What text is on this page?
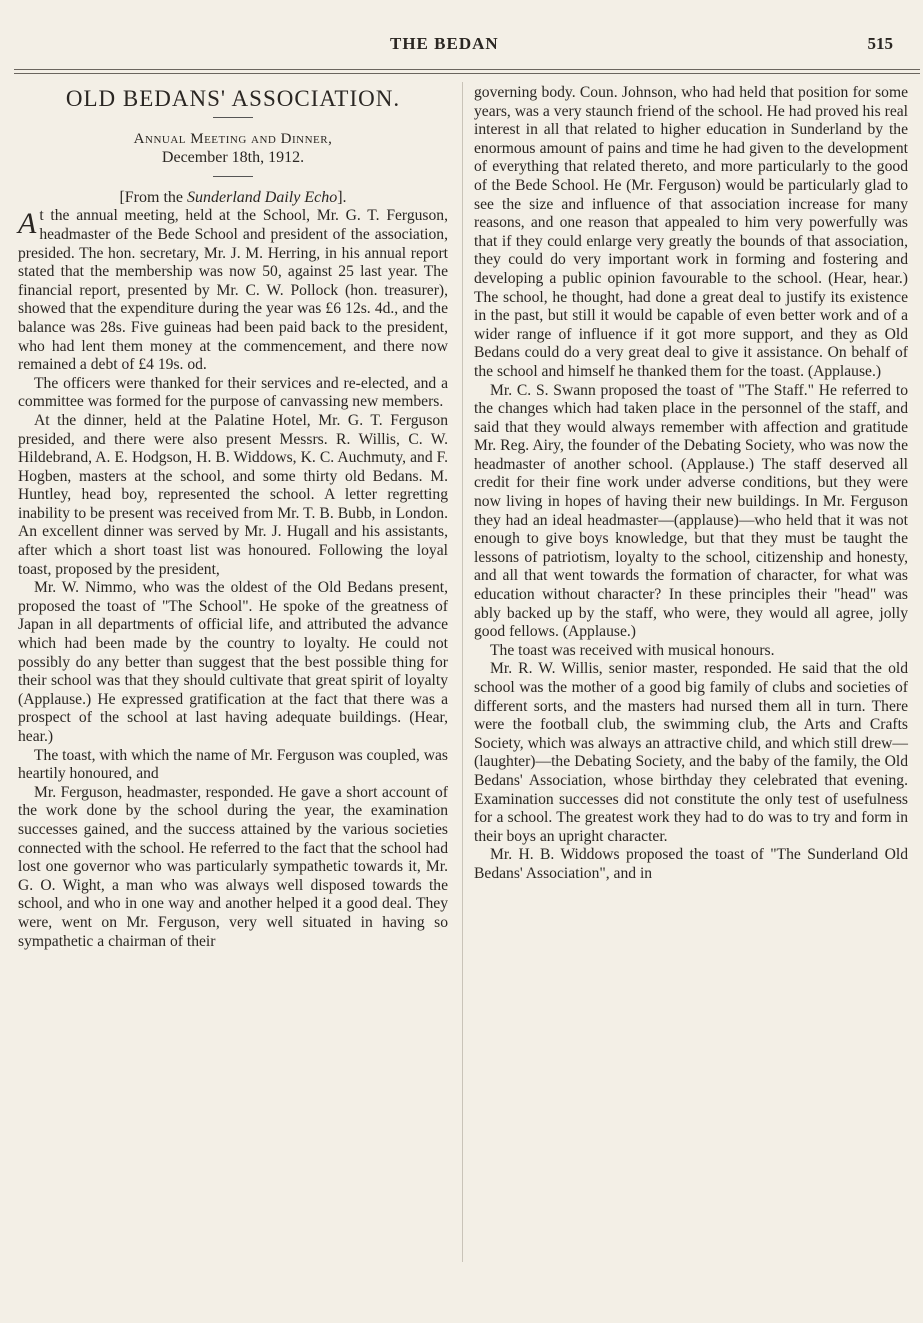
THE BEDAN	515
OLD BEDANS' ASSOCIATION.

Annual Meeting and Dinner,

December 18th, 1912.

[From the Sunderland Daily Echo].

At the annual meeting, held at the School, Mr. G. T. Ferguson, headmaster of the Bede School and president of the association, presided. The hon. secretary, Mr. J. M. Herring, in his annual report stated that the membership was now 50, against 25 last year. The financial report, presented by Mr. C. W. Pollock (hon. treasurer), showed that the expenditure during the year was £6 12s. 4d., and the balance was 28s. Five guineas had been paid back to the president, who had lent them money at the commencement, and there now remained a debt of £4 19s. od.

The officers were thanked for their services and re-elected, and a committee was formed for the purpose of canvassing new members.

At the dinner, held at the Palatine Hotel, Mr. G. T. Ferguson presided, and there were also present Messrs. R. Willis, C. W. Hildebrand, A. E. Hodgson, H. B. Widdows, K. C. Auchmuty, and F. Hogben, masters at the school, and some thirty old Bedans. M. Huntley, head boy, represented the school. A letter regretting inability to be present was received from Mr. T. B. Bubb, in London. An excellent dinner was served by Mr. J. Hugall and his assistants, after which a short toast list was honoured. Following the loyal toast, proposed by the president,

Mr. W. Nimmo, who was the oldest of the Old Bedans present, proposed the toast of "The School". He spoke of the greatness of Japan in all departments of official life, and attributed the advance which had been made by the country to loyalty. He could not possibly do any better than suggest that the best possible thing for their school was that they should cultivate that great spirit of loyalty (Applause.) He expressed gratification at the fact that there was a prospect of the school at last having adequate buildings. (Hear, hear.)

The toast, with which the name of Mr. Ferguson was coupled, was heartily honoured, and

Mr. Ferguson, headmaster, responded. He gave a short account of the work done by the school during the year, the examination successes gained, and the success attained by the various societies connected with the school. He referred to the fact that the school had lost one governor who was particularly sympathetic towards it, Mr. G. O. Wight, a man who was always well disposed towards the school, and who in one way and another helped it a good deal. They were, went on Mr. Ferguson, very well situated in having so sympathetic a chairman of their

governing body. Coun. Johnson, who had held that position for some years, was a very staunch friend of the school. He had proved his real interest in all that related to higher education in Sunderland by the enormous amount of pains and time he had given to the development of everything that related thereto, and more particularly to the good of the Bede School. He (Mr. Ferguson) would be particularly glad to see the size and influence of that association increase for many reasons, and one reason that appealed to him very powerfully was that if they could enlarge very greatly the bounds of that association, they could do very important work in forming and fostering and developing a public opinion favourable to the school. (Hear, hear.) The school, he thought, had done a great deal to justify its existence in the past, but still it would be capable of even better work and of a wider range of influence if it got more support, and they as Old Bedans could do a very great deal to give it assistance. On behalf of the school and himself he thanked them for the toast. (Applause.)

Mr. C. S. Swann proposed the toast of "The Staff." He referred to the changes which had taken place in the personnel of the staff, and said that they would always remember with affection and gratitude Mr. Reg. Airy, the founder of the Debating Society, who was now the headmaster of another school. (Applause.) The staff deserved all credit for their fine work under adverse conditions, but they were now living in hopes of having their new buildings. In Mr. Ferguson they had an ideal headmaster—(applause)—who held that it was not enough to give boys knowledge, but that they must be taught the lessons of patriotism, loyalty to the school, citizenship and honesty, and all that went towards the formation of character, for what was education without character? In these principles their "head" was ably backed up by the staff, who were, they would all agree, jolly good fellows. (Applause.)

The toast was received with musical honours.

Mr. R. W. Willis, senior master, responded. He said that the old school was the mother of a good big family of clubs and societies of different sorts, and the masters had nursed them all in turn. There were the football club, the swimming club, the Arts and Crafts Society, which was always an attractive child, and which still drew—(laughter)—the Debating Society, and the baby of the family, the Old Bedans' Association, whose birthday they celebrated that evening. Examination successes did not constitute the only test of usefulness for a school. The greatest work they had to do was to try and form in their boys an upright character.

Mr. H. B. Widdows proposed the toast of "The Sunderland Old Bedans' Association", and in
